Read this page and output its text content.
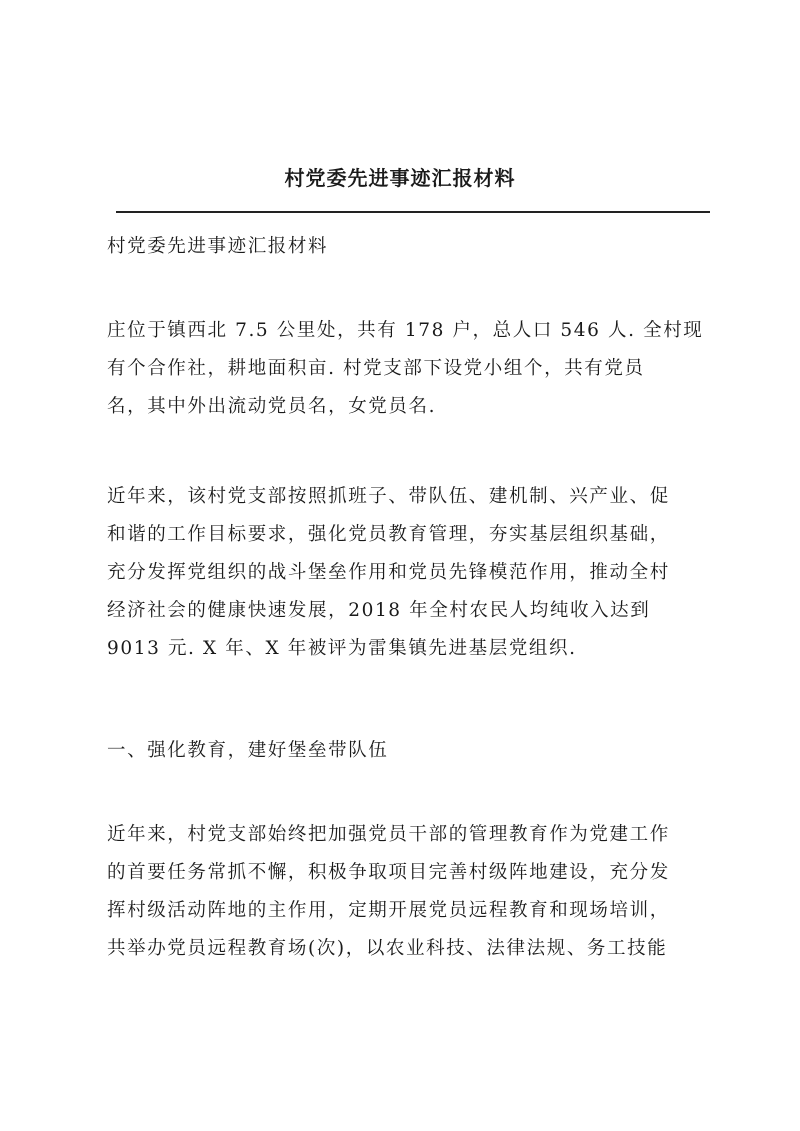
村党委先进事迹汇报材料

村党委先进事迹汇报材料

庄位于镇西北 7.5 公里处，共有 178 户，总人口 546 人. 全村现
有个合作社，耕地面积亩. 村党支部下设党小组个，共有党员
名，其中外出流动党员名，女党员名.

近年来，该村党支部按照抓班子、带队伍、建机制、兴产业、促
和谐的工作目标要求，强化党员教育管理，夯实基层组织基础，
充分发挥党组织的战斗堡垒作用和党员先锋模范作用，推动全村
经济社会的健康快速发展，2018 年全村农民人均纯收入达到
9013 元. X 年、X 年被评为雷集镇先进基层党组织.

一、强化教育，建好堡垒带队伍

近年来，村党支部始终把加强党员干部的管理教育作为党建工作
的首要任务常抓不懈，积极争取项目完善村级阵地建设，充分发
挥村级活动阵地的主作用，定期开展党员远程教育和现场培训，
共举办党员远程教育场(次)，以农业科技、法律法规、务工技能
